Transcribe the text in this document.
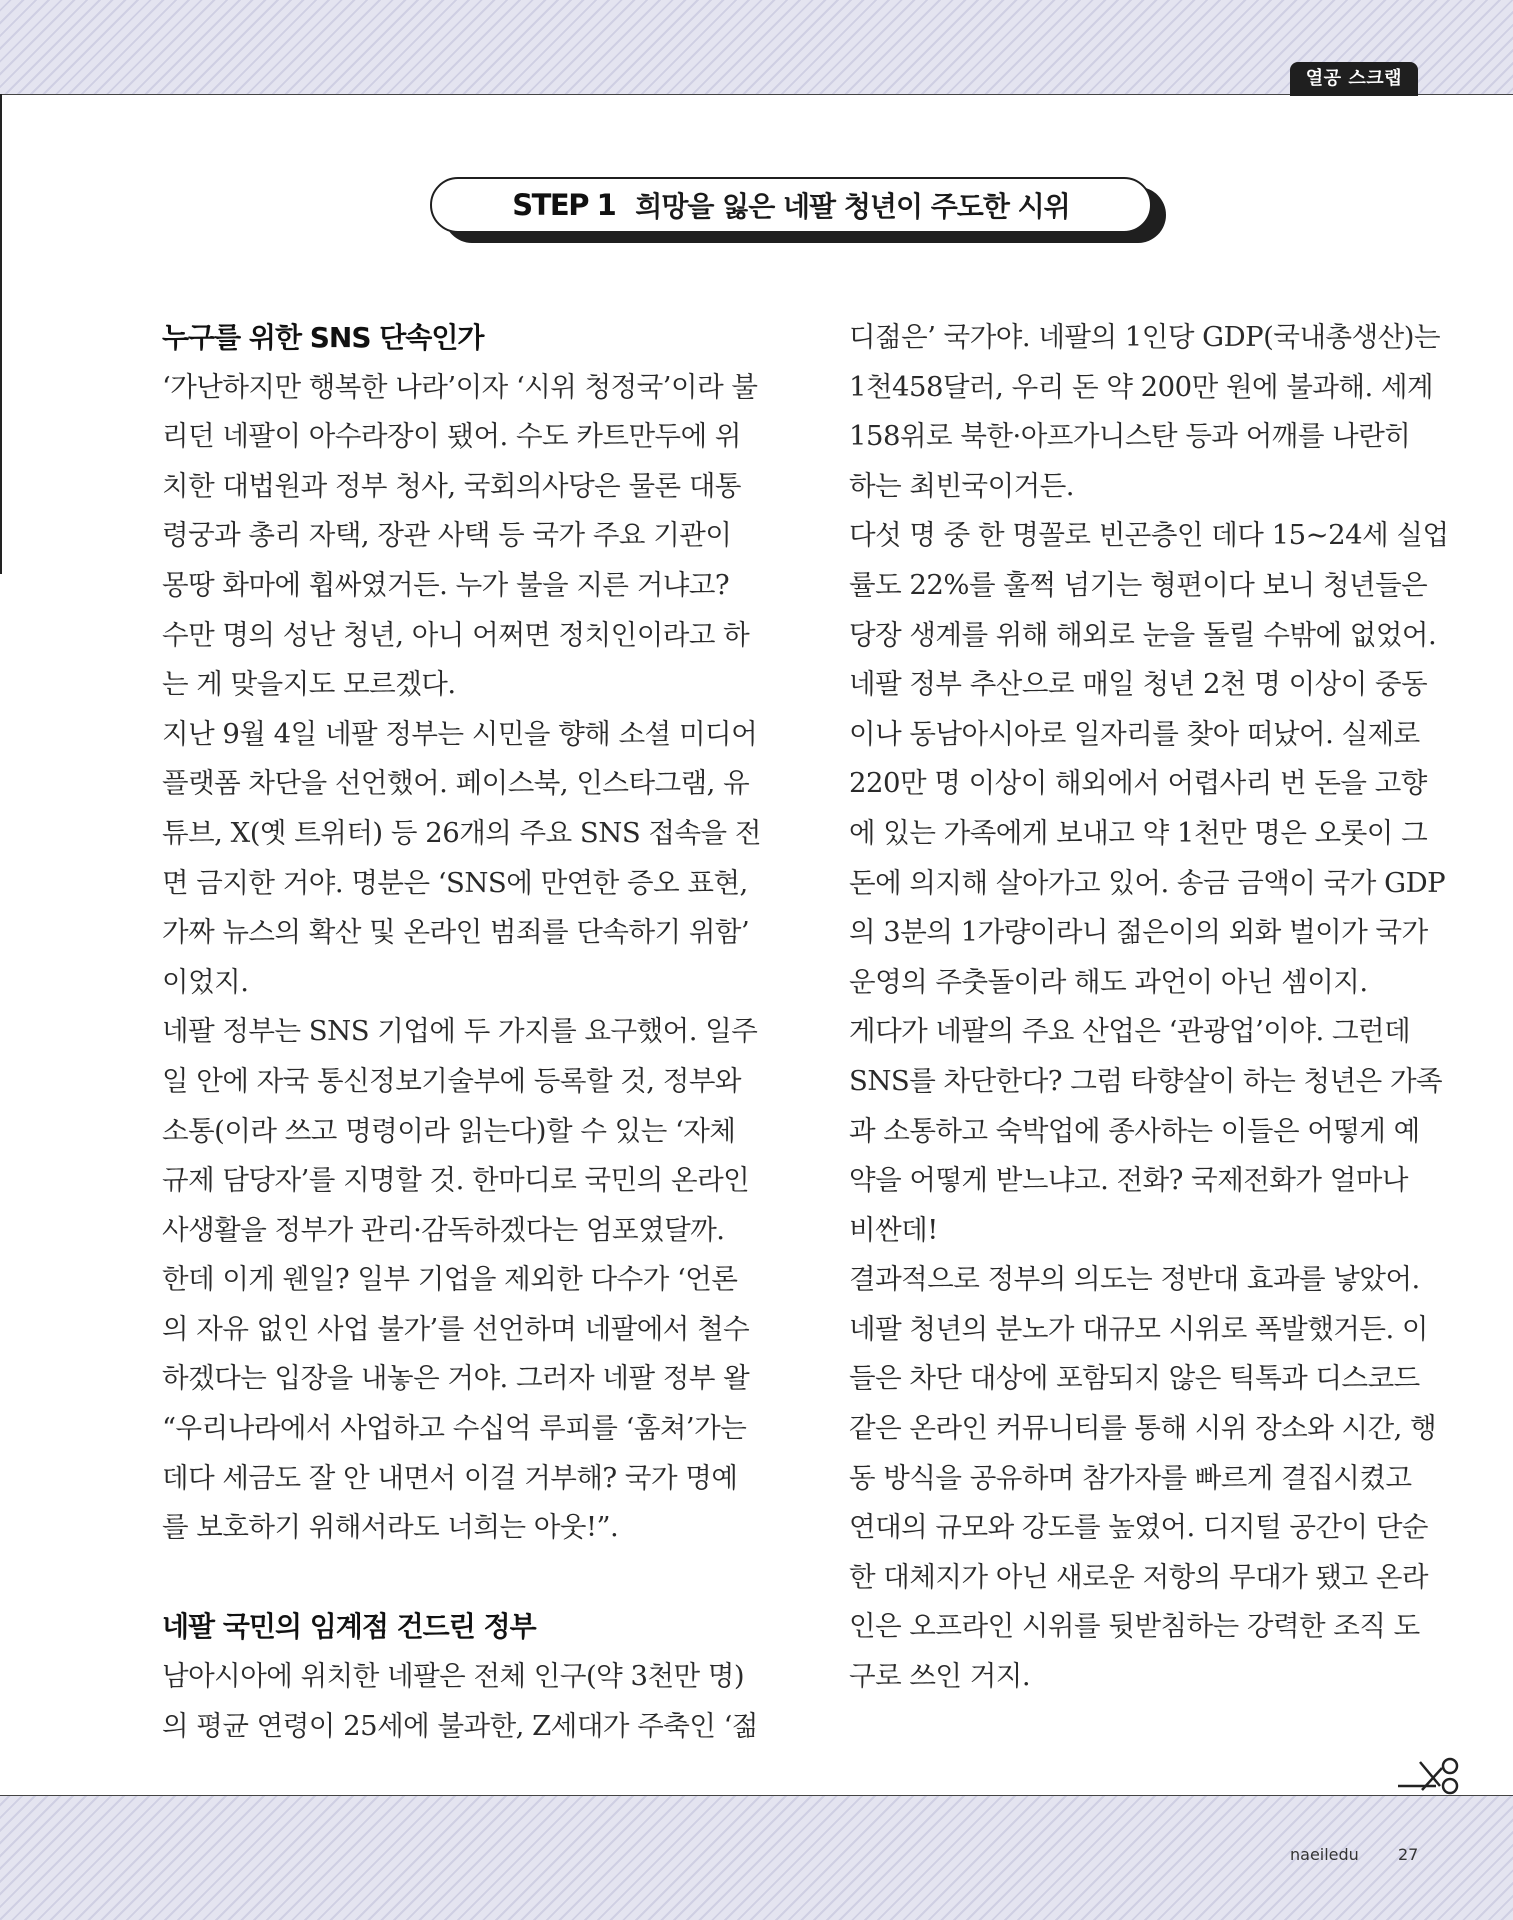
열공 스크랩
STEP 1 희망을 잃은 네팔 청년이 주도한 시위
누구를 위한 SNS 단속인가
‘가난하지만 행복한 나라’이자 ‘시위 청정국’이라 불
리던 네팔이 아수라장이 됐어. 수도 카트만두에 위
치한 대법원과 정부 청사, 국회의사당은 물론 대통
령궁과 총리 자택, 장관 사택 등 국가 주요 기관이
몽땅 화마에 휩싸였거든. 누가 불을 지른 거냐고?
수만 명의 성난 청년, 아니 어쩌면 정치인이라고 하
는 게 맞을지도 모르겠다.
지난 9월 4일 네팔 정부는 시민을 향해 소셜 미디어
플랫폼 차단을 선언했어. 페이스북, 인스타그램, 유
튜브, X(옛 트위터) 등 26개의 주요 SNS 접속을 전
면 금지한 거야. 명분은 ‘SNS에 만연한 증오 표현,
가짜 뉴스의 확산 및 온라인 범죄를 단속하기 위함’
이었지.
네팔 정부는 SNS 기업에 두 가지를 요구했어. 일주
일 안에 자국 통신정보기술부에 등록할 것, 정부와
소통(이라 쓰고 명령이라 읽는다)할 수 있는 ‘자체
규제 담당자’를 지명할 것. 한마디로 국민의 온라인
사생활을 정부가 관리·감독하겠다는 엄포였달까.
한데 이게 웬일? 일부 기업을 제외한 다수가 ‘언론
의 자유 없인 사업 불가’를 선언하며 네팔에서 철수
하겠다는 입장을 내놓은 거야. 그러자 네팔 정부 왈
“우리나라에서 사업하고 수십억 루피를 ‘훔쳐’가는
데다 세금도 잘 안 내면서 이걸 거부해? 국가 명예
를 보호하기 위해서라도 너희는 아웃!”.
네팔 국민의 임계점 건드린 정부
남아시아에 위치한 네팔은 전체 인구(약 3천만 명)
의 평균 연령이 25세에 불과한, Z세대가 주축인 ‘젊
디젊은’ 국가야. 네팔의 1인당 GDP(국내총생산)는
1천458달러, 우리 돈 약 200만 원에 불과해. 세계
158위로 북한·아프가니스탄 등과 어깨를 나란히
하는 최빈국이거든.
다섯 명 중 한 명꼴로 빈곤층인 데다 15~24세 실업
률도 22%를 훌쩍 넘기는 형편이다 보니 청년들은
당장 생계를 위해 해외로 눈을 돌릴 수밖에 없었어.
네팔 정부 추산으로 매일 청년 2천 명 이상이 중동
이나 동남아시아로 일자리를 찾아 떠났어. 실제로
220만 명 이상이 해외에서 어렵사리 번 돈을 고향
에 있는 가족에게 보내고 약 1천만 명은 오롯이 그
돈에 의지해 살아가고 있어. 송금 금액이 국가 GDP
의 3분의 1가량이라니 젊은이의 외화 벌이가 국가
운영의 주춧돌이라 해도 과언이 아닌 셈이지.
게다가 네팔의 주요 산업은 ‘관광업’이야. 그런데
SNS를 차단한다? 그럼 타향살이 하는 청년은 가족
과 소통하고 숙박업에 종사하는 이들은 어떻게 예
약을 어떻게 받느냐고. 전화? 국제전화가 얼마나
비싼데!
결과적으로 정부의 의도는 정반대 효과를 낳았어.
네팔 청년의 분노가 대규모 시위로 폭발했거든. 이
들은 차단 대상에 포함되지 않은 틱톡과 디스코드
같은 온라인 커뮤니티를 통해 시위 장소와 시간, 행
동 방식을 공유하며 참가자를 빠르게 결집시켰고
연대의 규모와 강도를 높였어. 디지털 공간이 단순
한 대체지가 아닌 새로운 저항의 무대가 됐고 온라
인은 오프라인 시위를 뒷받침하는 강력한 조직 도
구로 쓰인 거지.
naeiledu 27
